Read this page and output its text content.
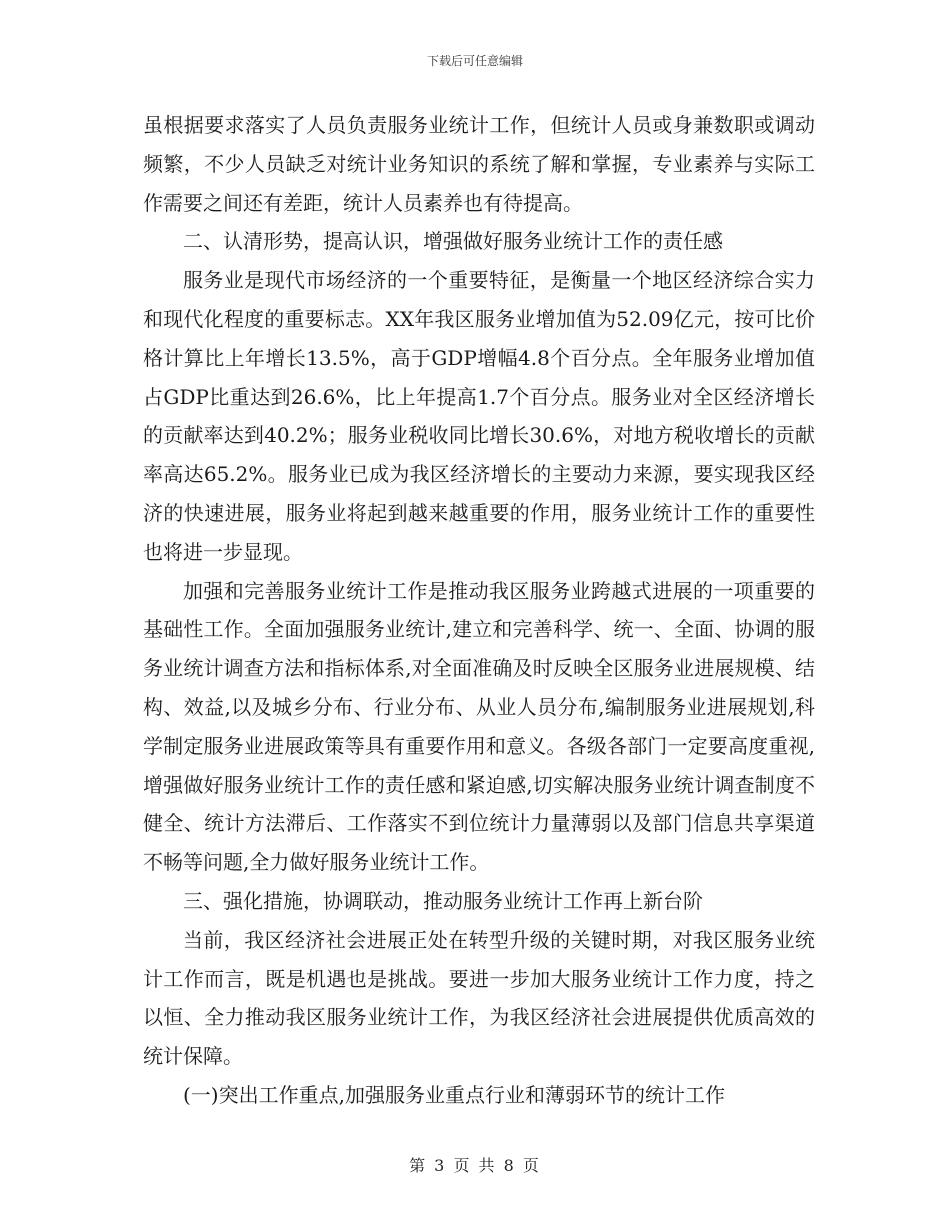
下载后可任意编辑

虽根据要求落实了人员负责服务业统计工作，但统计人员或身兼数职或调动频繁，不少人员缺乏对统计业务知识的系统了解和掌握，专业素养与实际工作需要之间还有差距，统计人员素养也有待提高。

二、认清形势，提高认识，增强做好服务业统计工作的责任感

服务业是现代市场经济的一个重要特征，是衡量一个地区经济综合实力和现代化程度的重要标志。XX年我区服务业增加值为52.09亿元，按可比价格计算比上年增长13.5%，高于GDP增幅4.8个百分点。全年服务业增加值占GDP比重达到26.6%，比上年提高1.7个百分点。服务业对全区经济增长的贡献率达到40.2%；服务业税收同比增长30.6%，对地方税收增长的贡献率高达65.2%。服务业已成为我区经济增长的主要动力来源，要实现我区经济的快速进展，服务业将起到越来越重要的作用，服务业统计工作的重要性也将进一步显现。

加强和完善服务业统计工作是推动我区服务业跨越式进展的一项重要的基础性工作。全面加强服务业统计,建立和完善科学、统一、全面、协调的服务业统计调查方法和指标体系,对全面准确及时反映全区服务业进展规模、结构、效益,以及城乡分布、行业分布、从业人员分布,编制服务业进展规划,科学制定服务业进展政策等具有重要作用和意义。各级各部门一定要高度重视,增强做好服务业统计工作的责任感和紧迫感,切实解决服务业统计调查制度不健全、统计方法滞后、工作落实不到位统计力量薄弱以及部门信息共享渠道不畅等问题,全力做好服务业统计工作。

三、强化措施，协调联动，推动服务业统计工作再上新台阶

当前，我区经济社会进展正处在转型升级的关键时期，对我区服务业统计工作而言，既是机遇也是挑战。要进一步加大服务业统计工作力度，持之以恒、全力推动我区服务业统计工作，为我区经济社会进展提供优质高效的统计保障。

(一)突出工作重点,加强服务业重点行业和薄弱环节的统计工作

第 3 页 共 8 页
